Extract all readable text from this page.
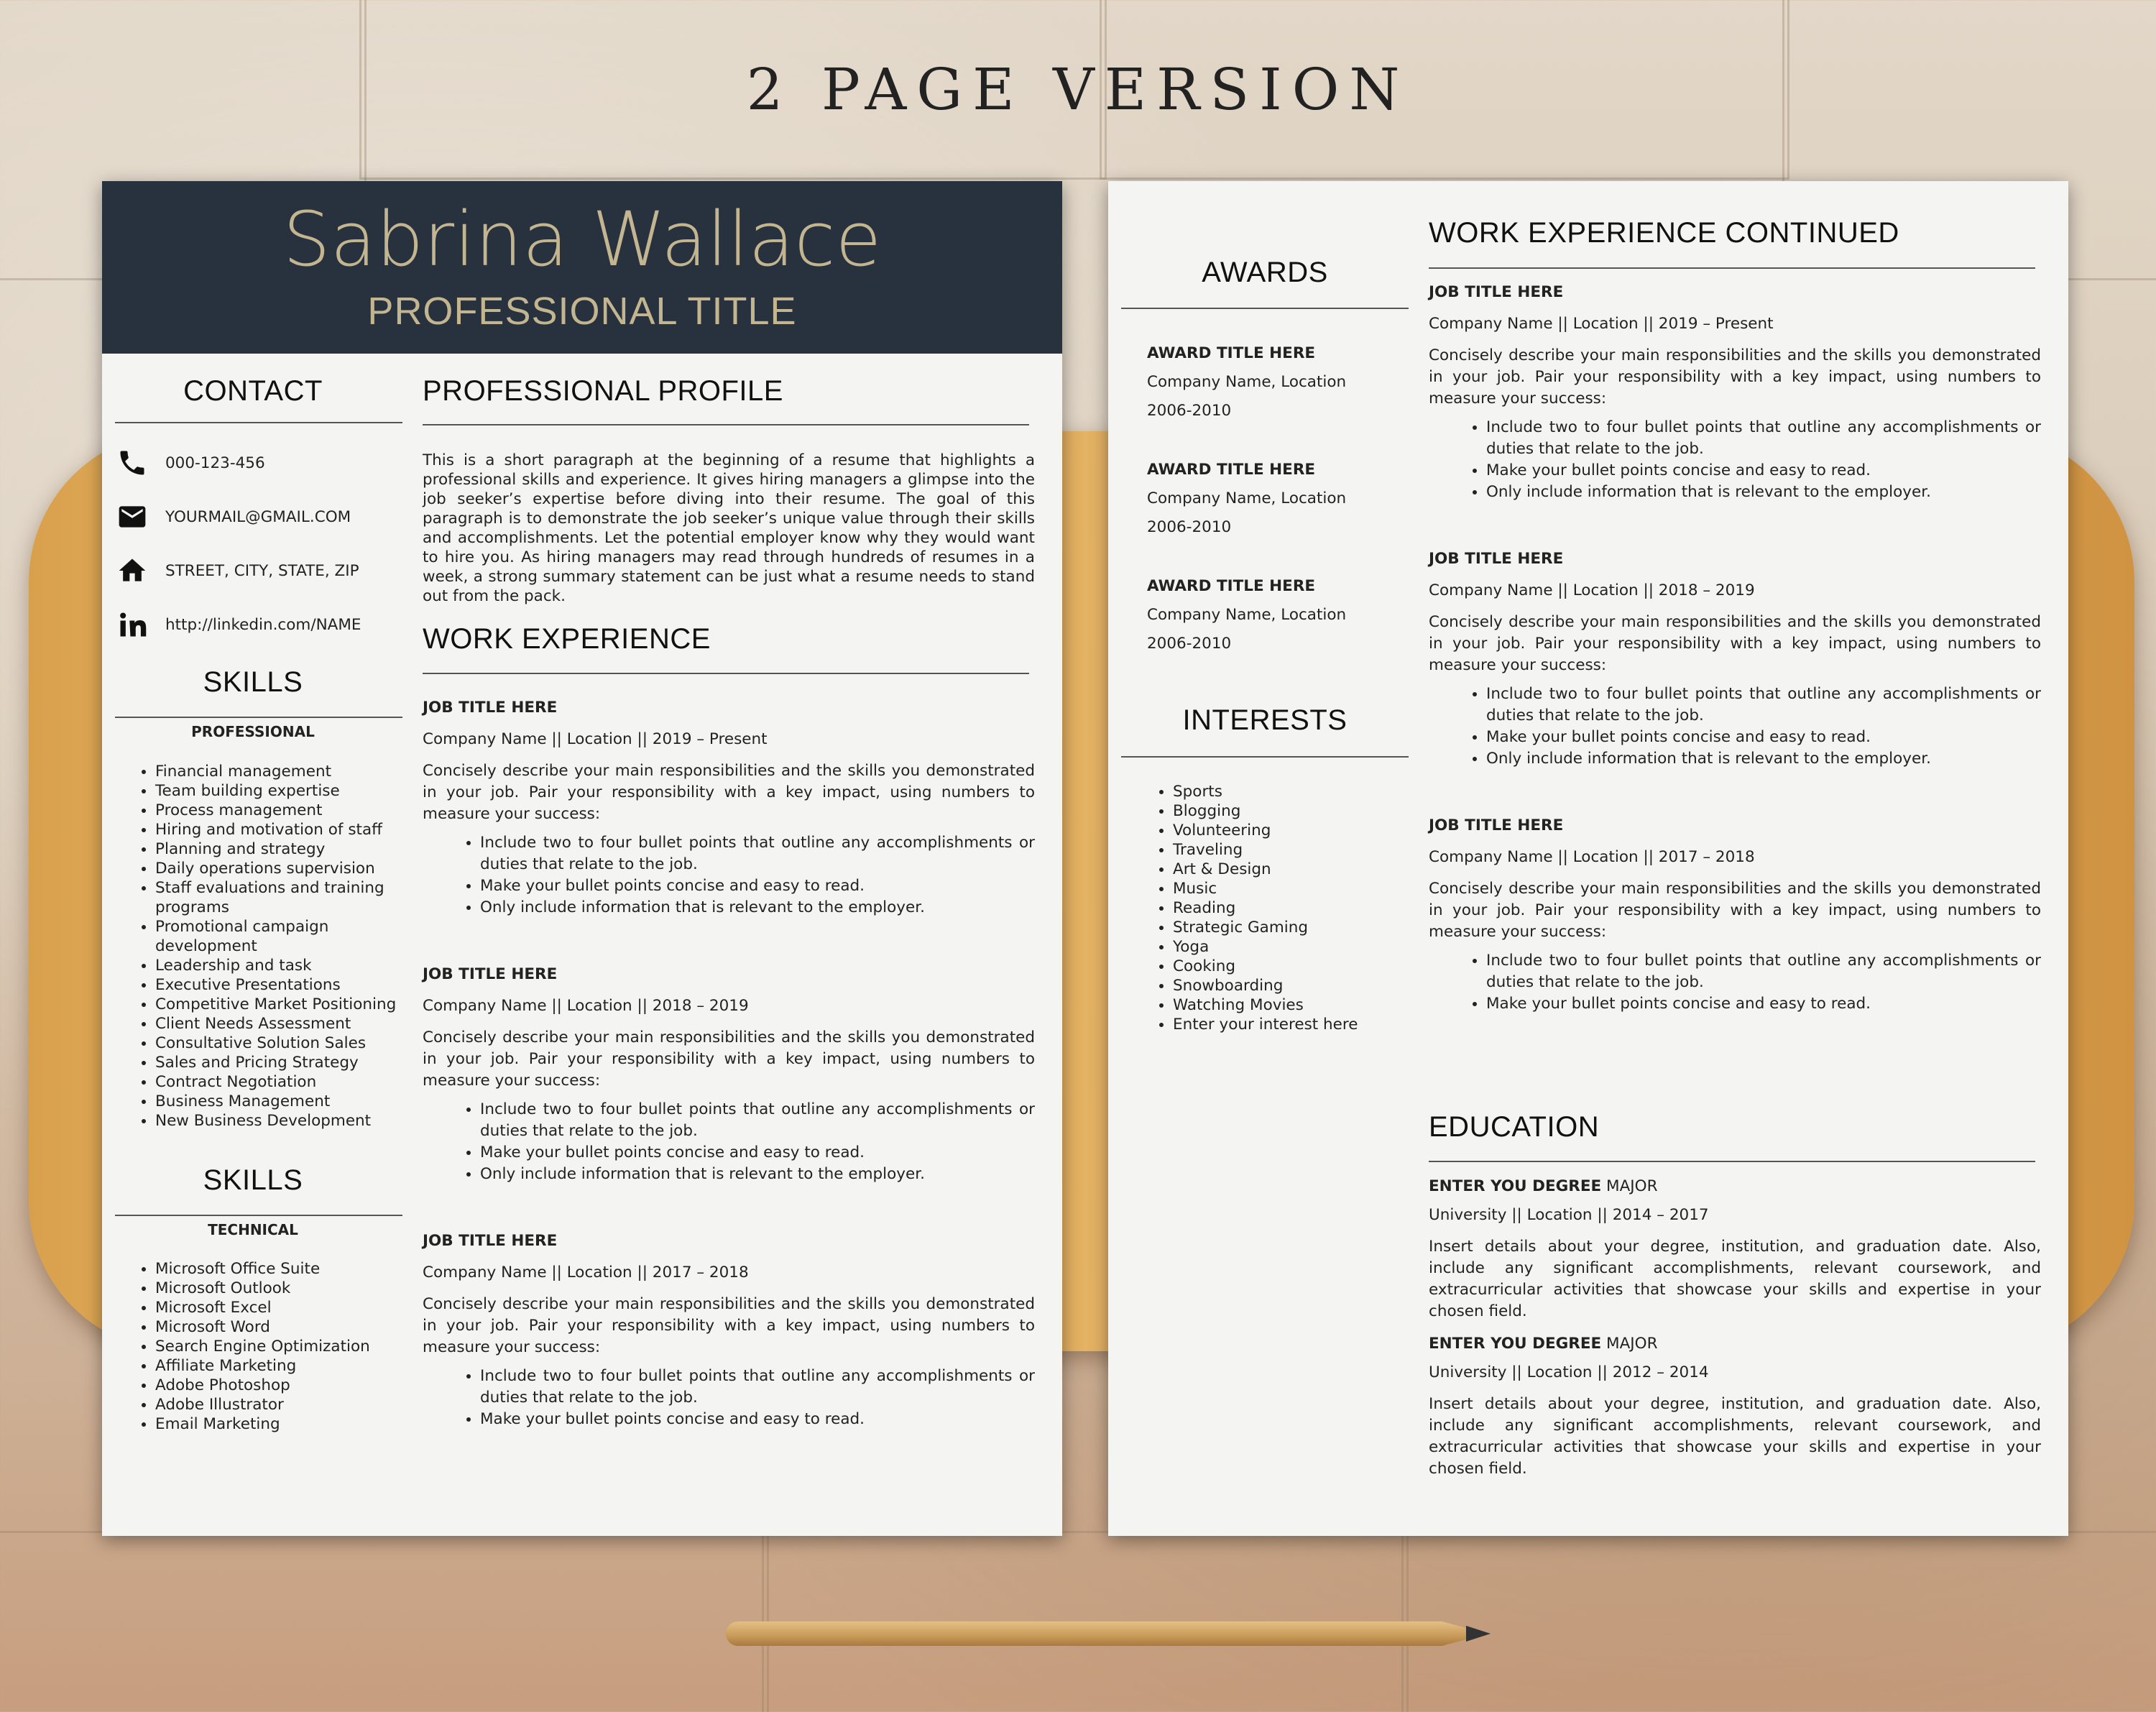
2 PAGE VERSION
Sabrina Wallace
PROFESSIONAL TITLE
CONTACT
000-123-456
YOURMAIL@GMAIL.COM
STREET, CITY, STATE, ZIP
http://linkedin.com/NAME
SKILLS
PROFESSIONAL
• Financial management
• Team building expertise
• Process management
• Hiring and motivation of staff
• Planning and strategy
• Daily operations supervision
• Staff evaluations and training programs
• Promotional campaign development
• Leadership and task
• Executive Presentations
• Competitive Market Positioning
• Client Needs Assessment
• Consultative Solution Sales
• Sales and Pricing Strategy
• Contract Negotiation
• Business Management
• New Business Development
SKILLS
TECHNICAL
• Microsoft Office Suite
• Microsoft Outlook
• Microsoft Excel
• Microsoft Word
• Search Engine Optimization
• Affiliate Marketing
• Adobe Photoshop
• Adobe Illustrator
• Email Marketing
PROFESSIONAL PROFILE
This is a short paragraph at the beginning of a resume that highlights a professional skills and experience. It gives hiring managers a glimpse into the job seeker’s expertise before diving into their resume. The goal of this paragraph is to demonstrate the job seeker’s unique value through their skills and accomplishments. Let the potential employer know why they would want to hire you. As hiring managers may read through hundreds of resumes in a week, a strong summary statement can be just what a resume needs to stand out from the pack.
WORK EXPERIENCE
JOB TITLE HERE
Company Name || Location || 2019 – Present
Concisely describe your main responsibilities and the skills you demonstrated in your job. Pair your responsibility with a key impact, using numbers to measure your success:
• Include two to four bullet points that outline any accomplishments or duties that relate to the job.
• Make your bullet points concise and easy to read.
• Only include information that is relevant to the employer.
JOB TITLE HERE
Company Name || Location || 2018 – 2019
Concisely describe your main responsibilities and the skills you demonstrated in your job. Pair your responsibility with a key impact, using numbers to measure your success:
• Include two to four bullet points that outline any accomplishments or duties that relate to the job.
• Make your bullet points concise and easy to read.
• Only include information that is relevant to the employer.
JOB TITLE HERE
Company Name || Location || 2017 – 2018
Concisely describe your main responsibilities and the skills you demonstrated in your job. Pair your responsibility with a key impact, using numbers to measure your success:
• Include two to four bullet points that outline any accomplishments or duties that relate to the job.
• Make your bullet points concise and easy to read.
AWARDS
AWARD TITLE HERE
Company Name, Location
2006-2010
AWARD TITLE HERE
Company Name, Location
2006-2010
AWARD TITLE HERE
Company Name, Location
2006-2010
INTERESTS
• Sports
• Blogging
• Volunteering
• Traveling
• Art & Design
• Music
• Reading
• Strategic Gaming
• Yoga
• Cooking
• Snowboarding
• Watching Movies
• Enter your interest here
WORK EXPERIENCE CONTINUED
JOB TITLE HERE
Company Name || Location || 2019 – Present
Concisely describe your main responsibilities and the skills you demonstrated in your job. Pair your responsibility with a key impact, using numbers to measure your success:
• Include two to four bullet points that outline any accomplishments or duties that relate to the job.
• Make your bullet points concise and easy to read.
• Only include information that is relevant to the employer.
JOB TITLE HERE
Company Name || Location || 2018 – 2019
Concisely describe your main responsibilities and the skills you demonstrated in your job. Pair your responsibility with a key impact, using numbers to measure your success:
• Include two to four bullet points that outline any accomplishments or duties that relate to the job.
• Make your bullet points concise and easy to read.
• Only include information that is relevant to the employer.
JOB TITLE HERE
Company Name || Location || 2017 – 2018
Concisely describe your main responsibilities and the skills you demonstrated in your job. Pair your responsibility with a key impact, using numbers to measure your success:
• Include two to four bullet points that outline any accomplishments or duties that relate to the job.
• Make your bullet points concise and easy to read.
EDUCATION
ENTER YOU DEGREE MAJOR
University || Location || 2014 – 2017
Insert details about your degree, institution, and graduation date. Also, include any significant accomplishments, relevant coursework, and extracurricular activities that showcase your skills and expertise in your chosen field.
ENTER YOU DEGREE MAJOR
University || Location || 2012 – 2014
Insert details about your degree, institution, and graduation date. Also, include any significant accomplishments, relevant coursework, and extracurricular activities that showcase your skills and expertise in your chosen field.
